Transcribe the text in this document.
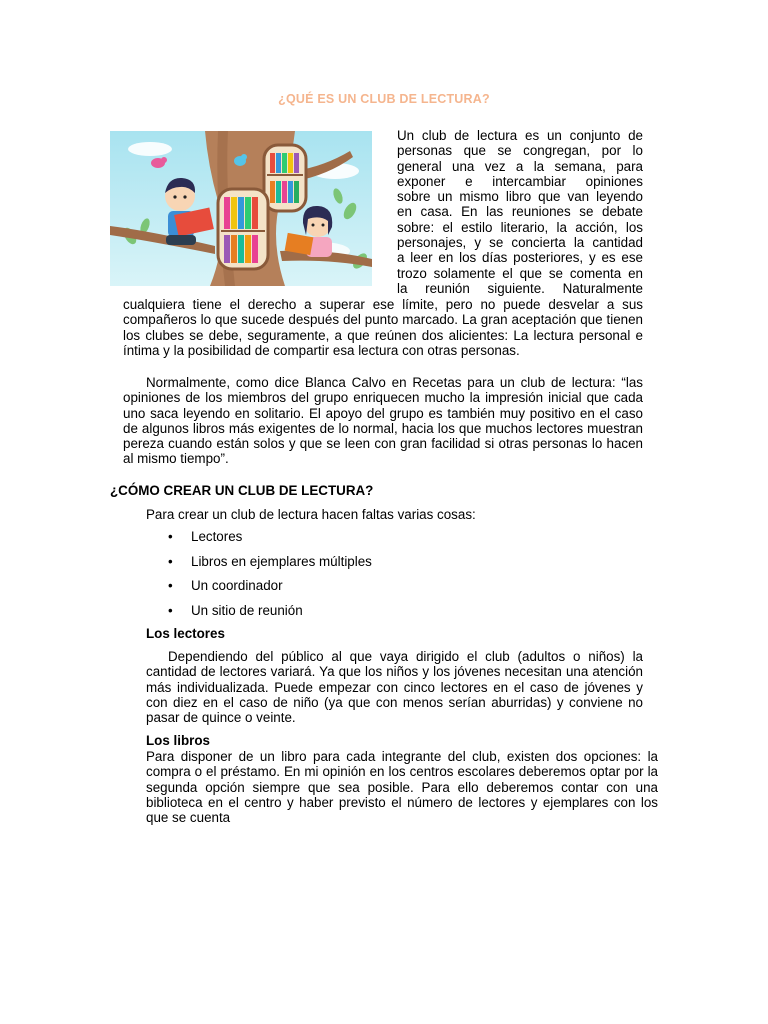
¿QUÉ ES UN CLUB DE LECTURA?
Un club de lectura es un conjunto de
personas que se congregan, por lo
general una vez a la semana, para
exponer e intercambiar opiniones
sobre un mismo libro que van leyendo
en casa. En las reuniones se debate
sobre: el estilo literario, la acción, los
personajes, y se concierta la cantidad
a leer en los días posteriores, y es ese
trozo solamente el que se comenta en
la reunión siguiente. Naturalmente

cualquiera tiene el derecho a superar ese límite, pero no puede desvelar a sus compañeros lo que sucede después del punto marcado. La gran aceptación que tienen los clubes se debe, seguramente, a que reúnen dos alicientes: La lectura personal e íntima y la posibilidad de compartir esa lectura con otras personas.

Normalmente, como dice Blanca Calvo en Recetas para un club de lectura: “las opiniones de los miembros del grupo enriquecen mucho la impresión inicial que cada uno saca leyendo en solitario. El apoyo del grupo es también muy positivo en el caso de algunos libros más exigentes de lo normal, hacia los que muchos lectores muestran pereza cuando están solos y que se leen con gran facilidad si otras personas lo hacen al mismo tiempo”.

¿CÓMO CREAR UN CLUB DE LECTURA?
Para crear un club de lectura hacen faltas varias cosas:
• Lectores
• Libros en ejemplares múltiples
• Un coordinador
• Un sitio de reunión
Los lectores

Dependiendo del público al que vaya dirigido el club (adultos o niños) la cantidad de lectores variará. Ya que los niños y los jóvenes necesitan una atención más individualizada. Puede empezar con cinco lectores en el caso de jóvenes y con diez en el caso de niño (ya que con menos serían aburridas) y conviene no pasar de quince o veinte.

Los libros

Para disponer de un libro para cada integrante del club, existen dos opciones: la compra o el préstamo. En mi opinión en los centros escolares deberemos optar por la segunda opción siempre que sea posible. Para ello deberemos contar con una biblioteca en el centro y haber previsto el número de lectores y ejemplares con los que se cuenta
